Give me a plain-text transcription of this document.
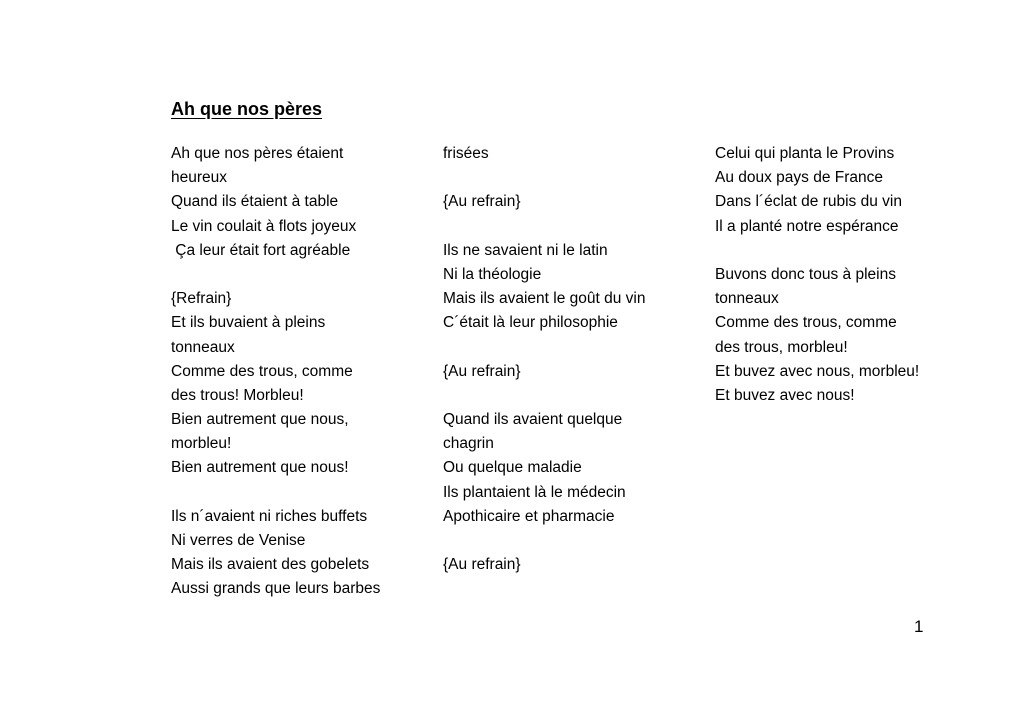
Ah que nos pères
Ah que nos pères étaient
heureux
Quand ils étaient à table
Le vin coulait à flots joyeux
Ça leur était fort agréable
{Refrain}
Et ils buvaient à pleins
tonneaux
Comme des trous, comme
des trous! Morbleu!
Bien autrement que nous,
morbleu!
Bien autrement que nous!
Ils n´avaient ni riches buffets
Ni verres de Venise
Mais ils avaient des gobelets
Aussi grands que leurs barbes
frisées
{Au refrain}
Ils ne savaient ni le latin
Ni la théologie
Mais ils avaient le goût du vin
C´était là leur philosophie
{Au refrain}
Quand ils avaient quelque
chagrin
Ou quelque maladie
Ils plantaient là le médecin
Apothicaire et pharmacie
{Au refrain}
Celui qui planta le Provins
Au doux pays de France
Dans l´éclat de rubis du vin
Il a planté notre espérance
Buvons donc tous à pleins
tonneaux
Comme des trous, comme
des trous, morbleu!
Et buvez avec nous, morbleu!
Et buvez avec nous!
1
